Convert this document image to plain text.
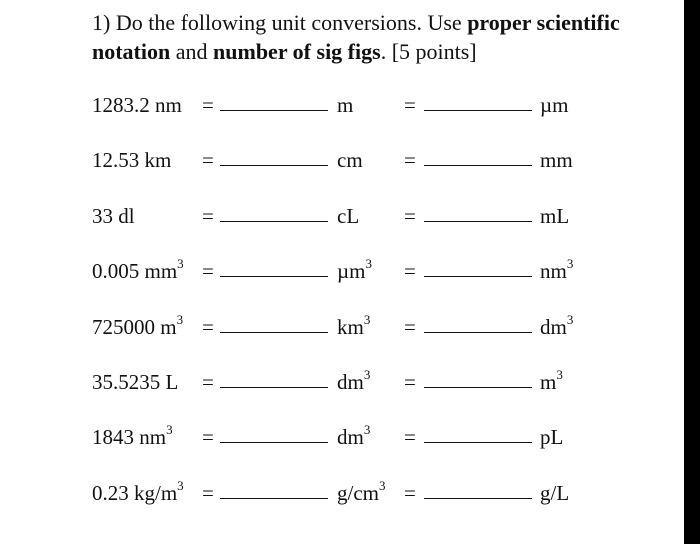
1) Do the following unit conversions. Use proper scientific notation and number of sig figs. [5 points]
1283.2 nm =	m =	µm
12.53 km =	cm =	mm
33 dl	=	cL =	mL
0.005 $mm^3$ =	µm$^3$ =	$nm^3$
725000 $m^3$ =	$km^3$ =	$dm^3$
35.5235 L =	$dm^3$ =	$m^3$
1843 $nm^3$ =	$dm^3$ =	pL
0.23 $kg/m^3$ =	$g/cm^3$ =	g/L
